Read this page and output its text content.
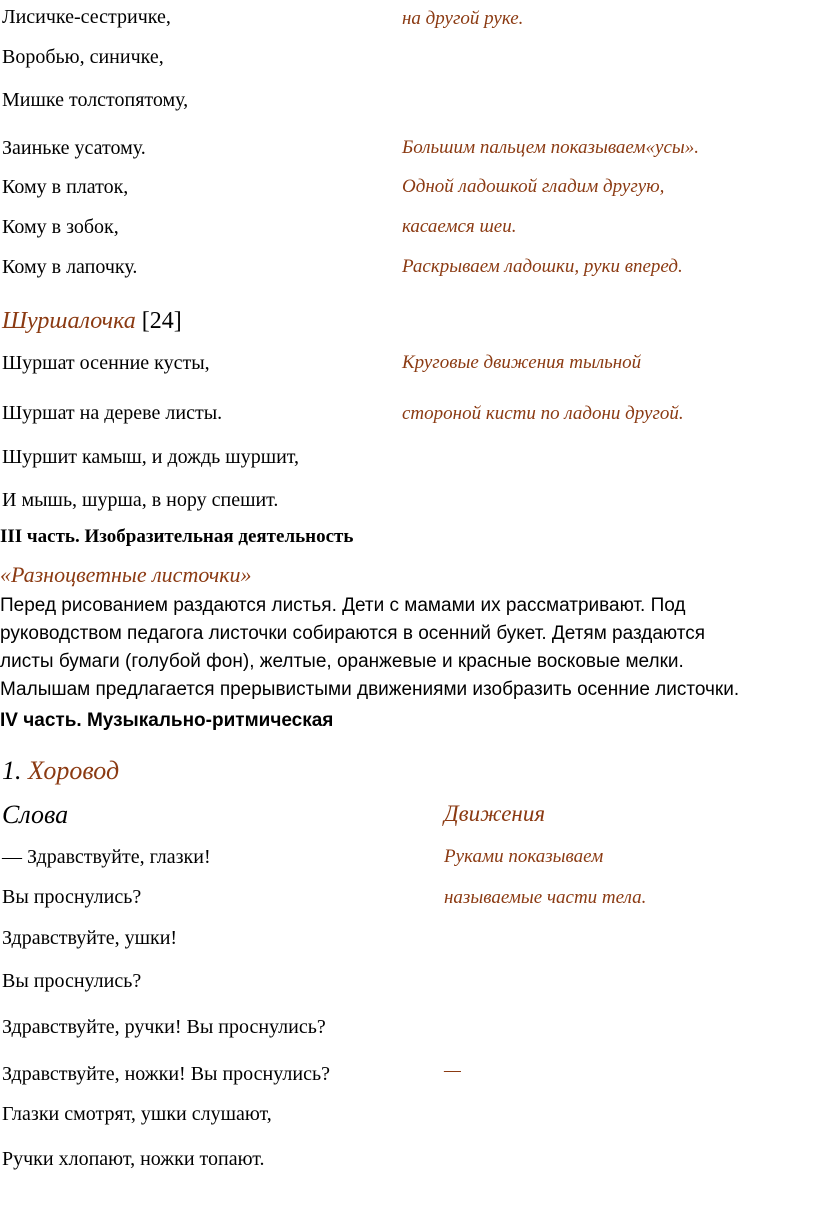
Лисичке-сестричке,	на другой руке.
Воробью, синичке,
Мишке толстопятому,
Заиньке усатому.	Большим пальцем показываем«усы».
Кому в платок,	Одной ладошкой гладим другую,
Кому в зобок,	касаемся шеи.
Кому в лапочку.	Раскрываем ладошки, руки вперед.
Шуршалочка [24]
Шуршат осенние кусты,	Круговые движения тыльной
Шуршат на дереве листы.	стороной кисти по ладони другой.
Шуршит камыш, и дождь шуршит,
И мышь, шурша, в нору спешит.
III часть. Изобразительная деятельность
«Разноцветные листочки»
Перед рисованием раздаются листья. Дети с мамами их рассматривают. Под
руководством педагога листочки собираются в осенний букет. Детям раздаются
листы бумаги (голубой фон), желтые, оранжевые и красные восковые мелки.
Малышам предлагается прерывистыми движениями изобразить осенние листочки.
IV часть. Музыкально-ритмическая
1. Хоровод
Слова	Движения
— Здравствуйте, глазки!	Руками показываем
Вы проснулись?	называемые части тела.
Здравствуйте, ушки!
Вы проснулись?
Здравствуйте, ручки! Вы проснулись?
Здравствуйте, ножки! Вы проснулись?	—
Глазки смотрят, ушки слушают,
Ручки хлопают, ножки топают.
